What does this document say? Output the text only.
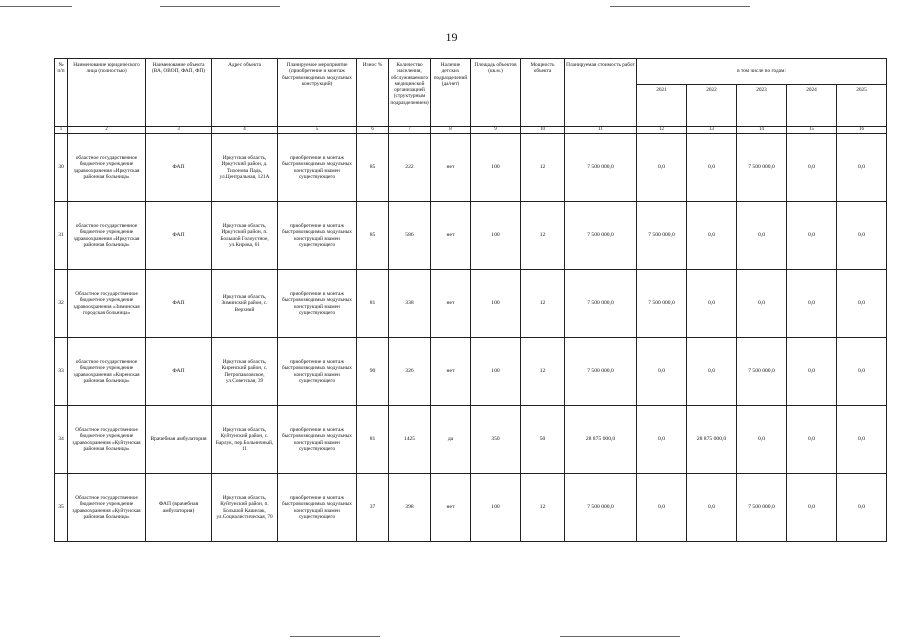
19
№ п/п	Наименование юридического лица (полностью)	Наименование объекта (ВА, ОВОП, ФАП, ФП)	Адрес объекта	Планируемое мероприятие (приобретение и монтаж быстровозводимых модульных конструкций)	Износ %	Количество населения, обслуживаемого медицинской организацией (структурным подразделением)	Наличие детских подразделений (да/нет)	Площадь объектов (кв.м.)	Мощность объекта	Планируемая стоимость работ	в том числе по годам:				
											2021	2022	2023	2024	2025
1	2	3	4	5	6	7	8	9	10	11	12	13	14	15	16
30	областное государственное бюджетное учреждение здравоохранения «Иркутская районная больница»	ФАП	Иркутская область, Иркутский район, д. Тихонова Падь, ул.Центральная, 121А	приобретение и монтаж быстровозводимых модульных конструкций взамен существующего	85	222	нет	100	12	7 500 000,0	0,0	0,0	7 500 000,0	0,0	0,0
31	областное государственное бюджетное учреждение здравоохранения «Иркутская районная больница»	ФАП	Иркутская область, Иркутский район, п. Большой Голоустное, ул.Кирова, 61	приобретение и монтаж быстровозводимых модульных конструкций взамен существующего	85	586	нет	100	12	7 500 000,0	7 500 000,0	0,0	0,0	0,0	0,0
32	Областное государственное бюджетное учреждение здравоохранения «Зиминская городская больница»	ФАП	Иркутская область, Зиминский район, с. Верхний	приобретение и монтаж быстровозводимых модульных конструкций взамен существующего	81	338	нет	100	12	7 500 000,0	7 500 000,0	0,0	0,0	0,0	0,0
33	областное государственное бюджетное учреждение здравоохранения «Киренская районная больница»	ФАП	Иркутская область, Киренский район, с. Петропавловское, ул.Советская, 39	приобретение и монтаж быстровозводимых модульных конструкций взамен существующего	90	326	нет	100	12	7 500 000,0	0,0	0,0	7 500 000,0	0,0	0,0
34	Областное государственное бюджетное учреждение здравоохранения «Куйтунская районная больница»	Врачебная амбулатория	Иркутская область, Куйтунский район, с. Барлук, пер.Больничный, 11	приобретение и монтаж быстровозводимых модульных конструкций взамен существующего	81	1425	да	350	50	28 875 000,0	0,0	28 875 000,0	0,0	0,0	0,0
35	Областное государственное бюджетное учреждение здравоохранения «Куйтунская районная больница»	ФАП (врачебная амбулатория)	Иркутская область, Куйтунский район, п. Большой Кашелак, ул.Социалистическая, 70	приобретение и монтаж быстровозводимых модульных конструкций взамен существующего	37	398	нет	100	12	7 500 000,0	0,0	0,0	7 500 000,0	0,0	0,0
